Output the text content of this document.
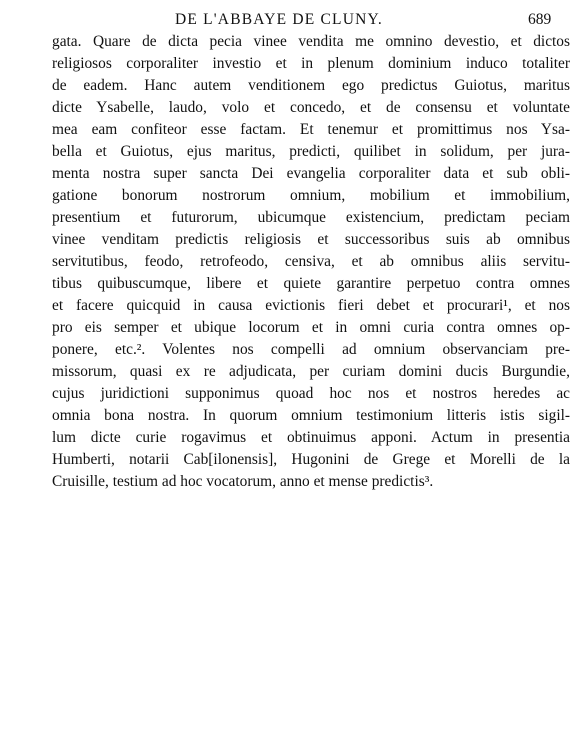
DE L'ABBAYE DE CLUNY.	689
gata. Quare de dicta pecia vinee vendita me omnino devestio, et dictos
religiosos corporaliter investio et in plenum dominium induco totaliter
de eadem. Hanc autem venditionem ego predictus Guiotus, maritus
dicte Ysabelle, laudo, volo et concedo, et de consensu et voluntate
mea eam confiteor esse factam. Et tenemur et promittimus nos Ysa-
bella et Guiotus, ejus maritus, predicti, quilibet in solidum, per jura-
menta nostra super sancta Dei evangelia corporaliter data et sub obli-
gatione bonorum nostrorum omnium, mobilium et immobilium,
presentium et futurorum, ubicumque existencium, predictam peciam
vinee venditam predictis religiosis et successoribus suis ab omnibus
servitutibus, feodo, retrofeodo, censiva, et ab omnibus aliis servitu-
tibus quibuscumque, libere et quiete garantire perpetuo contra omnes
et facere quicquid in causa evictionis fieri debet et procurari¹, et nos
pro eis semper et ubique locorum et in omni curia contra omnes op-
ponere, etc.². Volentes nos compelli ad omnium observanciam pre-
missorum, quasi ex re adjudicata, per curiam domini ducis Burgundie,
cujus juridictioni supponimus quoad hoc nos et nostros heredes ac
omnia bona nostra. In quorum omnium testimonium litteris istis sigil-
lum dicte curie rogavimus et obtinuimus apponi. Actum in presentia
Humberti, notarii Cab[ilonensis], Hugonini de Grege et Morelli de la
Cruisille, testium ad hoc vocatorum, anno et mense predictis³.
